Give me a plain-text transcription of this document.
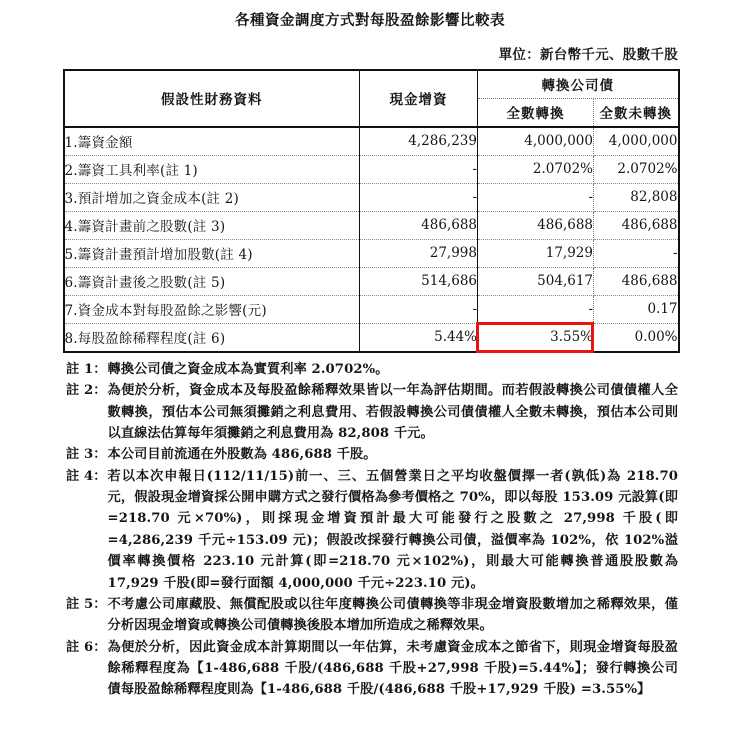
各種資金調度方式對每股盈餘影響比較表
單位：新台幣千元、股數千股
假設性財務資料	現金增資	轉換公司債	
		全數轉換	全數未轉換
1.籌資金額	4,286,239	4,000,000	4,000,000
2.籌資工具利率(註 1)	-	2.0702%	2.0702%
3.預計增加之資金成本(註 2)	-	-	82,808
4.籌資計畫前之股數(註 3)	486,688	486,688	486,688
5.籌資計畫預計增加股數(註 4)	27,998	17,929	-
6.籌資計畫後之股數(註 5)	514,686	504,617	486,688
7.資金成本對每股盈餘之影響(元)	-	-	0.17
8.每股盈餘稀釋程度(註 6)	5.44%	3.55%	0.00%
註 1： 轉換公司債之資金成本為實質利率 2.0702%。
註 2： 為便於分析，資金成本及每股盈餘稀釋效果皆以一年為評估期間。而若假設轉換公司債債權人全數轉換，預估本公司無須攤銷之利息費用、若假設轉換公司債債權人全數未轉換，預估本公司則以直線法估算每年須攤銷之利息費用為 82,808 千元。
註 3： 本公司目前流通在外股數為 486,688 千股。
註 4： 若以本次申報日(112/11/15)前一、三、五個營業日之平均收盤價擇一者(孰低)為 218.70 元，假設現金增資採公開申購方式之發行價格為參考價格之 70%，即以每股 153.09 元設算(即=218.70 元×70%)，則採現金增資預計最大可能發行之股數之 27,998 千股(即=4,286,239 千元÷153.09 元)；假設改採發行轉換公司債，溢價率為 102%，依 102%溢價率轉換價格 223.10 元計算(即=218.70 元×102%)，則最大可能轉換普通股股數為 17,929 千股(即=發行面額 4,000,000 千元÷223.10 元)。
註 5： 不考慮公司庫藏股、無償配股或以往年度轉換公司債轉換等非現金增資股數增加之稀釋效果，僅分析因現金增資或轉換公司債轉換後股本增加所造成之稀釋效果。
註 6： 為便於分析，因此資金成本計算期間以一年估算，未考慮資金成本之節省下，則現金增資每股盈餘稀釋程度為【1-486,688 千股/(486,688 千股+27,998 千股)=5.44%】；發行轉換公司債每股盈餘稀釋程度則為【1-486,688 千股/(486,688 千股+17,929 千股) =3.55%】
